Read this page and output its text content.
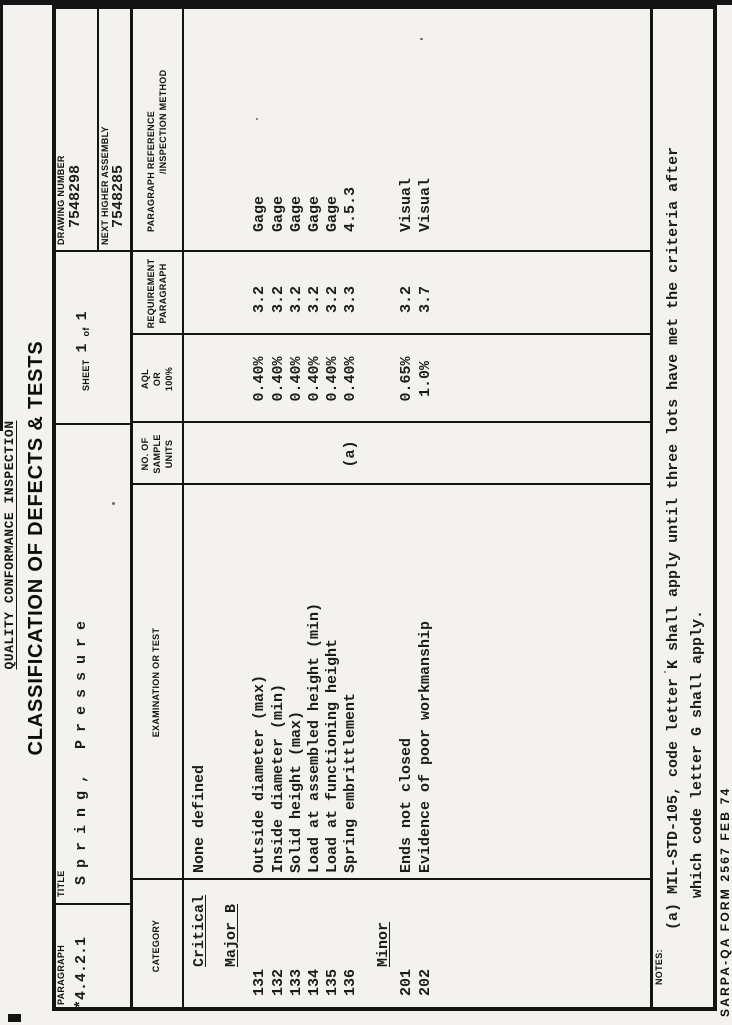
QUALITY CONFORMANCE INSPECTION CLASSIFICATION OF DEFECTS & TESTS
PARAGRAPH *4.4.2.1
TITLE Spring, Pressure
SHEET
1
of
1
DRAWING NUMBER 7548298 NEXT HIGHER ASSEMBLY 7548285
CATEGORY
EXAMINATION OR TEST
NO. OF SAMPLE UNITS
AQL OR 100%
REQUIREMENT PARAGRAPH
PARAGRAPH REFERENCE /INSPECTION METHOD
Critical
None defined
Major B
131
Outside diameter (max)
0.40%
3.2
Gage
132
Inside diameter (min)
0.40%
3.2
Gage
133
Solid height (max)
0.40%
3.2
Gage
134
Load at assembled height (min)
0.40%
3.2
Gage
135
Load at functioning height
0.40%
3.2
Gage
136
Spring embrittlement
(a)
0.40%
3.3
4.5.3
Minor
201
Ends not closed
0.65%
3.2
Visual
202
Evidence of poor workmanship
1.0%
3.7
Visual
NOTES:
(a) MIL-STD-105, code letter K shall apply until three lots have met the criteria after which code letter G shall apply.
SARPA-QA FORM 2567 FEB 74
